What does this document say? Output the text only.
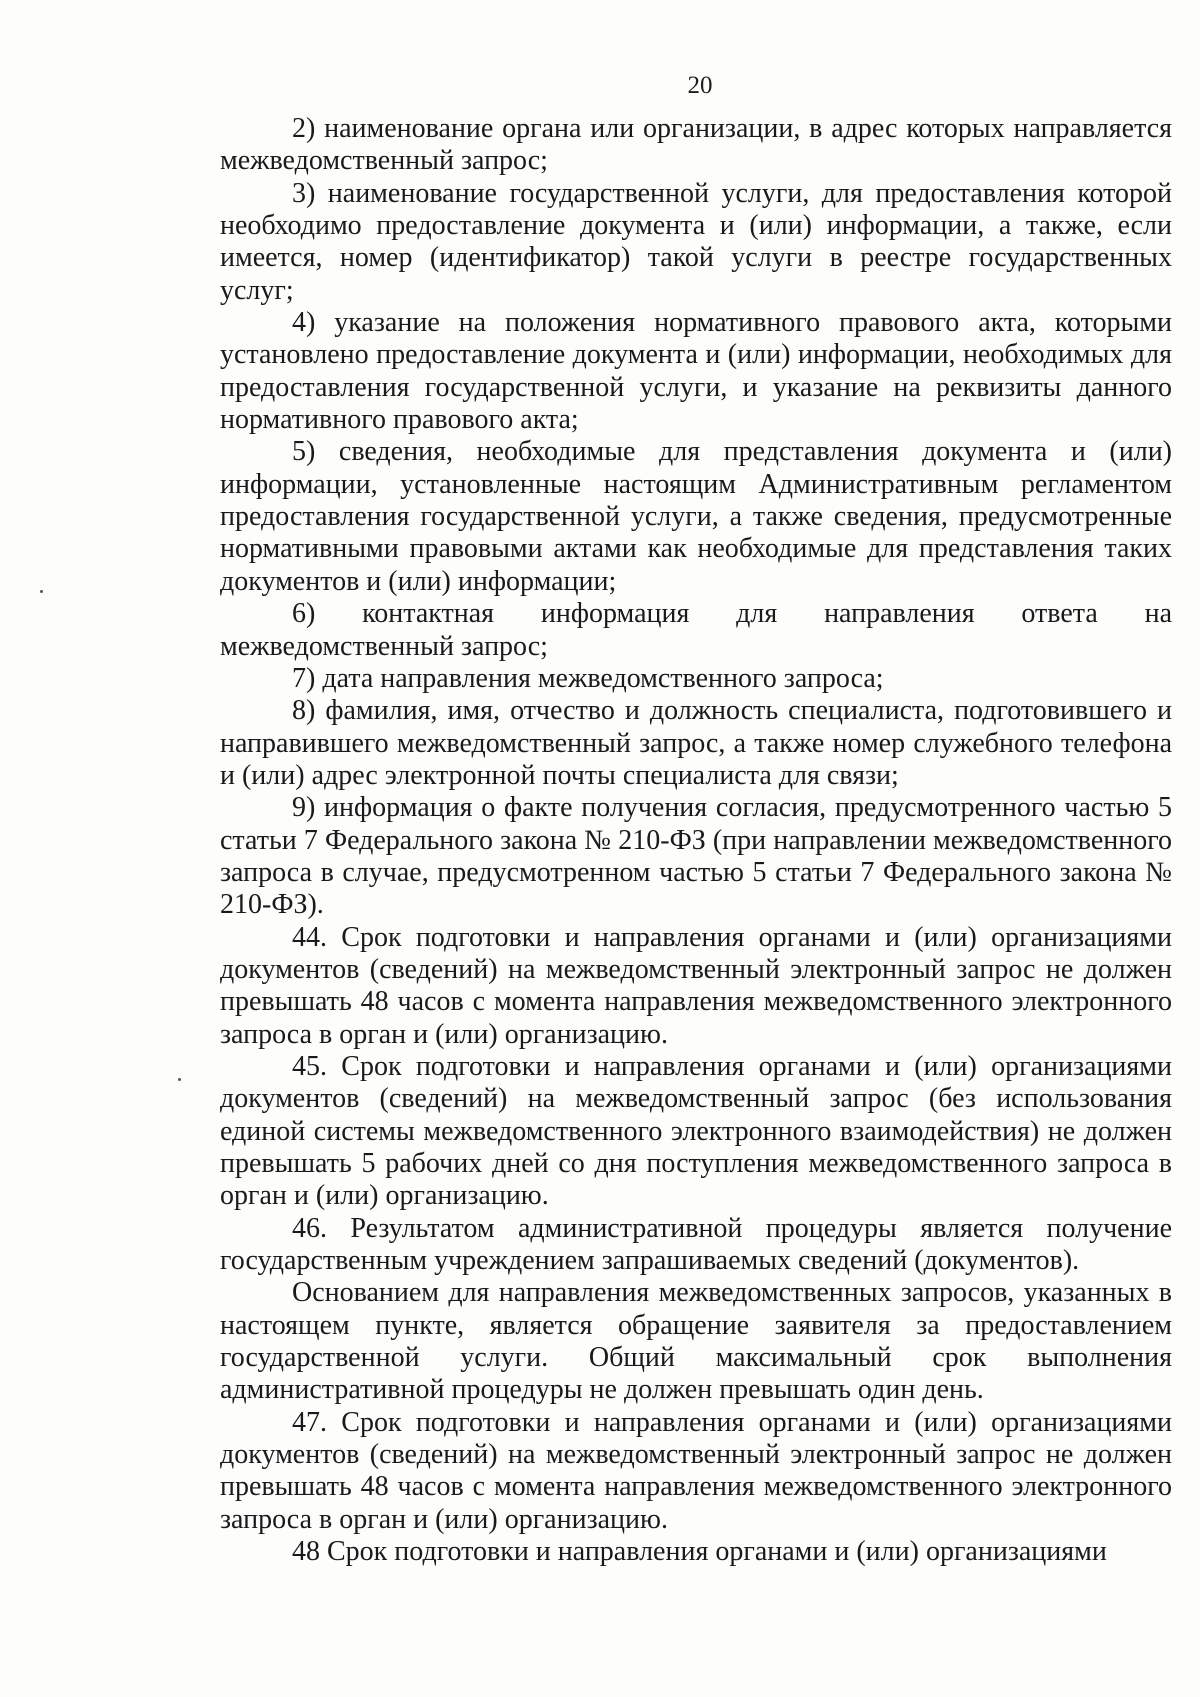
20

2) наименование органа или организации, в адрес которых направляется межведомственный запрос;

3) наименование государственной услуги, для предоставления которой необходимо предоставление документа и (или) информации, а также, если имеется, номер (идентификатор) такой услуги в реестре государственных услуг;

4) указание на положения нормативного правового акта, которыми установлено предоставление документа и (или) информации, необходимых для предоставления государственной услуги, и указание на реквизиты данного нормативного правового акта;

5) сведения, необходимые для представления документа и (или) информации, установленные настоящим Административным регламентом предоставления государственной услуги, а также сведения, предусмотренные нормативными правовыми актами как необходимые для представления таких документов и (или) информации;

6) контактная информация для направления ответа на межведомственный запрос;

7) дата направления межведомственного запроса;

8) фамилия, имя, отчество и должность специалиста, подготовившего и направившего межведомственный запрос, а также номер служебного телефона и (или) адрес электронной почты специалиста для связи;

9) информация о факте получения согласия, предусмотренного частью 5 статьи 7 Федерального закона № 210-ФЗ (при направлении межведомственного запроса в случае, предусмотренном частью 5 статьи 7 Федерального закона № 210-ФЗ).

44. Срок подготовки и направления органами и (или) организациями документов (сведений) на межведомственный электронный запрос не должен превышать 48 часов с момента направления межведомственного электронного запроса в орган и (или) организацию.

45. Срок подготовки и направления органами и (или) организациями документов (сведений) на межведомственный запрос (без использования единой системы межведомственного электронного взаимодействия) не должен превышать 5 рабочих дней со дня поступления межведомственного запроса в орган и (или) организацию.

46. Результатом административной процедуры является получение государственным учреждением запрашиваемых сведений (документов).

Основанием для направления межведомственных запросов, указанных в настоящем пункте, является обращение заявителя за предоставлением государственной услуги. Общий максимальный срок выполнения административной процедуры не должен превышать один день.

47. Срок подготовки и направления органами и (или) организациями документов (сведений) на межведомственный электронный запрос не должен превышать 48 часов с момента направления межведомственного электронного запроса в орган и (или) организацию.

48 Срок подготовки и направления органами и (или) организациями
